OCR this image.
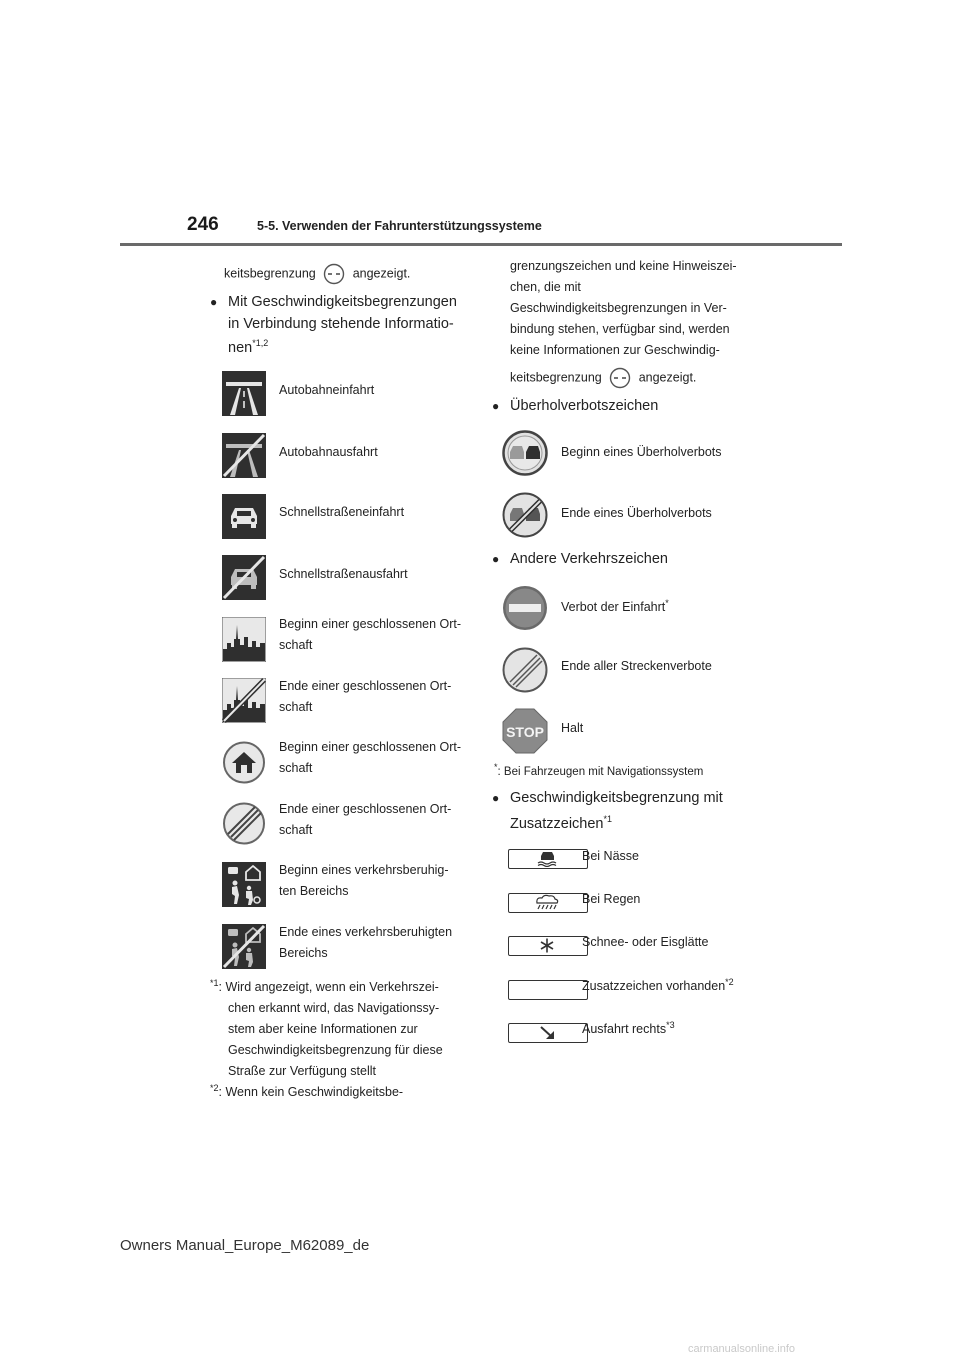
246	5-5. Verwenden der Fahrunterstützungssysteme
keitsbegrenzung	angezeigt.
● Mit Geschwindigkeitsbegrenzungen
in Verbindung stehende Informatio-
nen$^{*1,2}$
Autobahneinfahrt
Autobahnausfahrt
Schnellstraßeneinfahrt
Schnellstraßenausfahrt
Beginn einer geschlossenen Ort-
schaft
Ende einer geschlossenen Ort-
schaft
Beginn einer geschlossenen Ort-
schaft
Ende einer geschlossenen Ort-
schaft
Beginn eines verkehrsberuhig-
ten Bereichs
Ende eines verkehrsberuhigten
Bereichs
$^{*1}$: Wird angezeigt, wenn ein Verkehrszei-
chen erkannt wird, das Navigationssy-
stem aber keine Informationen zur
Geschwindigkeitsbegrenzung für diese
Straße zur Verfügung stellt
$^{*2}$: Wenn kein Geschwindigkeitsbe-
grenzungszeichen und keine Hinweiszei-
chen, die mit
Geschwindigkeitsbegrenzungen in Ver-
bindung stehen, verfügbar sind, werden
keine Informationen zur Geschwindig-
keitsbegrenzung	angezeigt.
● Überholverbotszeichen
Beginn eines Überholverbots
Ende eines Überholverbots
● Andere Verkehrszeichen
Verbot der Einfahrt*
Ende aller Streckenverbote
STOP Halt
*: Bei Fahrzeugen mit Navigationssystem
● Geschwindigkeitsbegrenzung mit
Zusatzzeichen$^{*1}$
Bei Nässe
Bei Regen
Schnee- oder Eisglätte
Zusatzzeichen vorhanden$^{*2}$
Ausfahrt rechts$^{*3}$
Owners Manual_Europe_M62089_de
carmanualsonline.info
